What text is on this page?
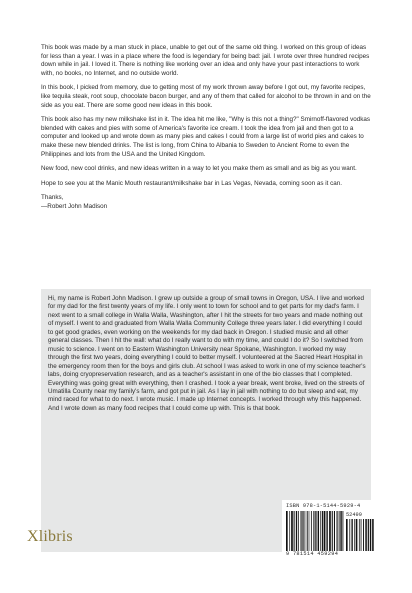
This book was made by a man stuck in place, unable to get out of the same old thing. I worked on this group of ideas for less than a year. I was in a place where the food is legendary for being bad: jail. I wrote over three hundred recipes down while in jail. I loved it. There is nothing like working over an idea and only have your past interactions to work with, no books, no Internet, and no outside world.

In this book, I picked from memory, due to getting most of my work thrown away before I got out, my favorite recipes, like tequila steak, root soup, chocolate bacon burger, and any of them that called for alcohol to be thrown in and on the side as you eat. There are some good new ideas in this book.

This book also has my new milkshake list in it. The idea hit me like, "Why is this not a thing?" Smirnoff-flavored vodkas blended with cakes and pies with some of America's favorite ice cream. I took the idea from jail and then got to a computer and looked up and wrote down as many pies and cakes I could from a large list of world pies and cakes to make these new blended drinks. The list is long, from China to Albania to Sweden to Ancient Rome to even the Philippines and lots from the USA and the United Kingdom.

New food, new cool drinks, and new ideas written in a way to let you make them as small and as big as you want.

Hope to see you at the Manic Mouth restaurant/milkshake bar in Las Vegas, Nevada, coming soon as it can.

Thanks,

—Robert John Madison

Hi, my name is Robert John Madison. I grew up outside a group of small towns in Oregon, USA. I live and worked for my dad for the first twenty years of my life. I only went to town for school and to get parts for my dad's farm. I next went to a small college in Walla Walla, Washington, after I hit the streets for two years and made nothing out of myself. I went to and graduated from Walla Walla Community College three years later. I did everything I could to get good grades, even working on the weekends for my dad back in Oregon. I studied music and all other general classes. Then I hit the wall: what do I really want to do with my time, and could I do it? So I switched from music to science. I went on to Eastern Washington University near Spokane, Washington. I worked my way through the first two years, doing everything I could to better myself. I volunteered at the Sacred Heart Hospital in the emergency room then for the boys and girls club. At school I was asked to work in one of my science teacher's labs, doing cryopreservation research, and as a teacher's assistant in one of the bio classes that I completed. Everything was going great with everything, then I crashed. I took a year break, went broke, lived on the streets of Umatilla County near my family's farm, and got put in jail. As I lay in jail with nothing to do but sleep and eat, my mind raced for what to do next. I wrote music. I made up Internet concepts. I worked through why this happened. And I wrote down as many food recipes that I could come up with. This is that book.

Xlibris
ISBN 978-1-5144-5929-4
52499
9 781514 459294
